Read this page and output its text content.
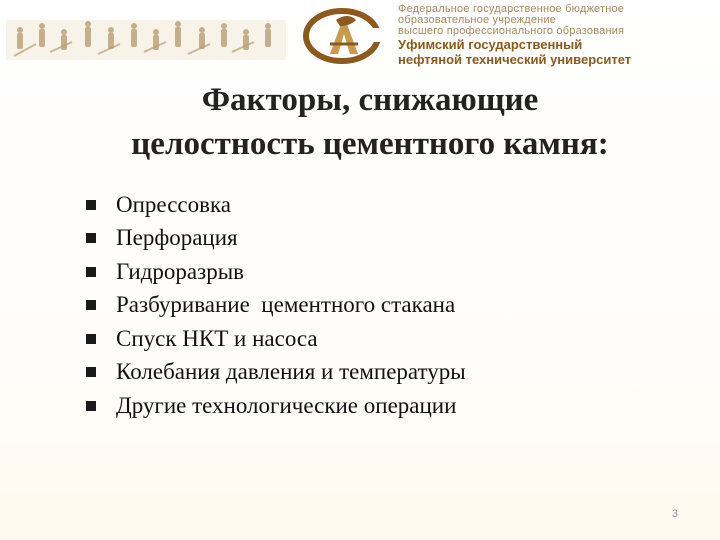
Федеральное государственное бюджетное
образовательное учреждение
высшего профессионального образования
Уфимский государственный
нефтяной технический университет
Факторы, снижающие
целостность цементного камня:
Опрессовка
Перфорация
Гидроразрыв
Разбуривание  цементного стакана
Спуск НКТ и насоса
Колебания давления и температуры
Другие технологические операции
3
